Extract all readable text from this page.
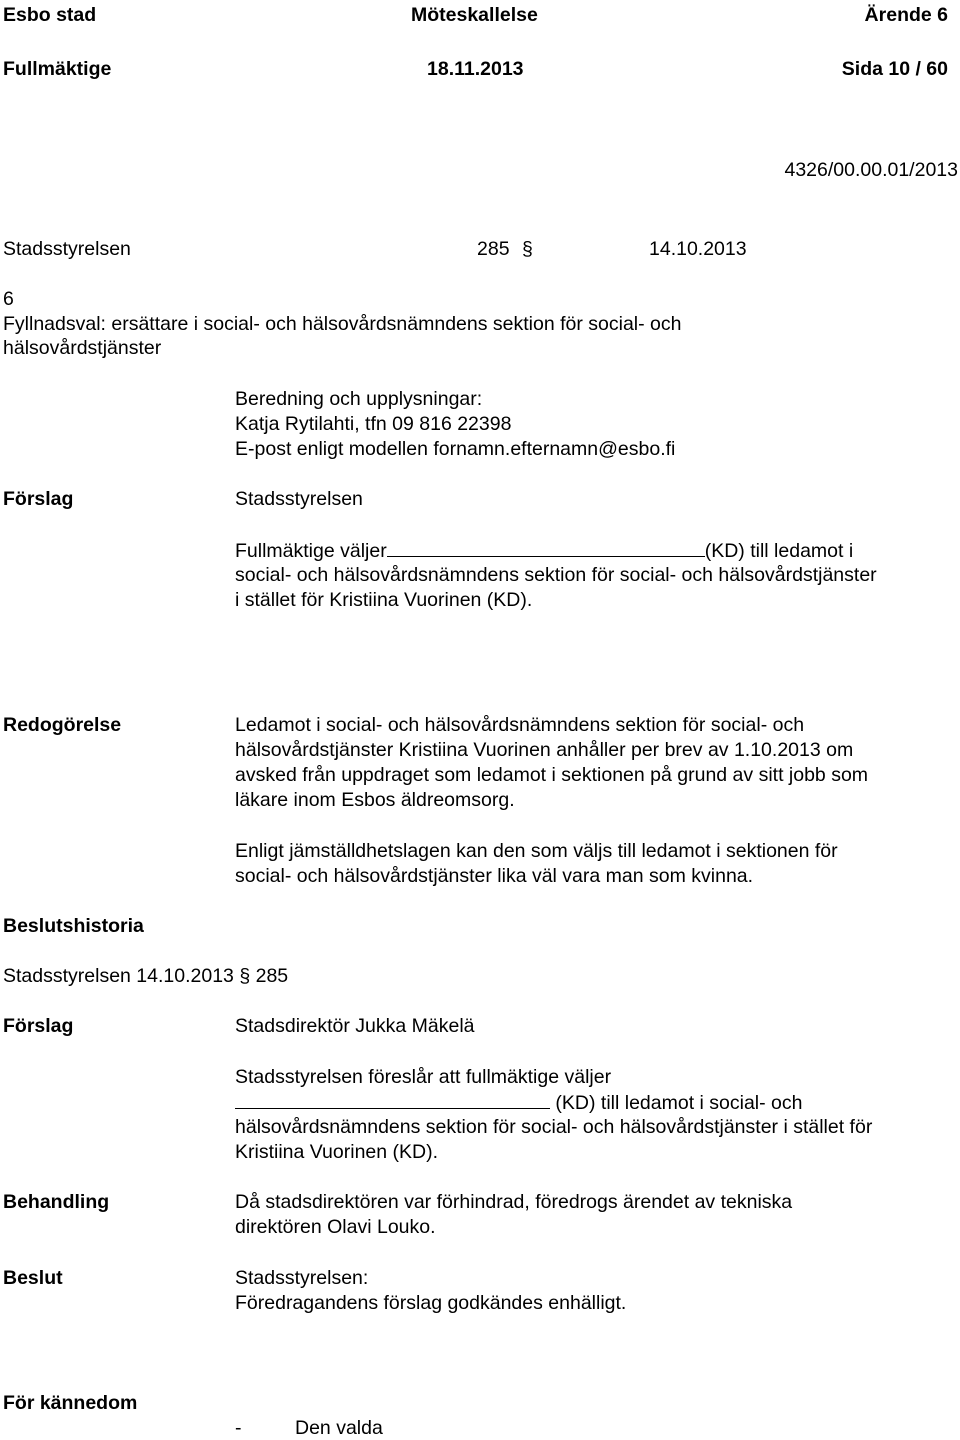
Esbo stad	Möteskallelse	Ärende 6
Fullmäktige	18.11.2013	Sida 10 / 60
4326/00.00.01/2013
Stadsstyrelsen	285 §	14.10.2013
6
Fyllnadsval: ersättare i social- och hälsovårdsnämndens sektion för social- och
hälsovårdstjänster
Beredning och upplysningar:
Katja Rytilahti, tfn 09 816 22398
E-post enligt modellen fornamn.efternamn@esbo.fi
Förslag	Stadsstyrelsen
Fullmäktige väljer	(KD) till ledamot i
social- och hälsovårdsnämndens sektion för social- och hälsovårdstjänster
i stället för Kristiina Vuorinen (KD).
Redogörelse	Ledamot i social- och hälsovårdsnämndens sektion för social- och
hälsovårdstjänster Kristiina Vuorinen anhåller per brev av 1.10.2013 om
avsked från uppdraget som ledamot i sektionen på grund av sitt jobb som
läkare inom Esbos äldreomsorg.
Enligt jämställdhetslagen kan den som väljs till ledamot i sektionen för
social- och hälsovårdstjänster lika väl vara man som kvinna.
Beslutshistoria
Stadsstyrelsen 14.10.2013 § 285
Förslag	Stadsdirektör Jukka Mäkelä
Stadsstyrelsen föreslår att fullmäktige väljer
(KD) till ledamot i social- och
hälsovårdsnämndens sektion för social- och hälsovårdstjänster i stället för
Kristiina Vuorinen (KD).
Behandling	Då stadsdirektören var förhindrad, föredrogs ärendet av tekniska
direktören Olavi Louko.
Beslut	Stadsstyrelsen:
Föredragandens förslag godkändes enhälligt.
För kännedom
-	Den valda
